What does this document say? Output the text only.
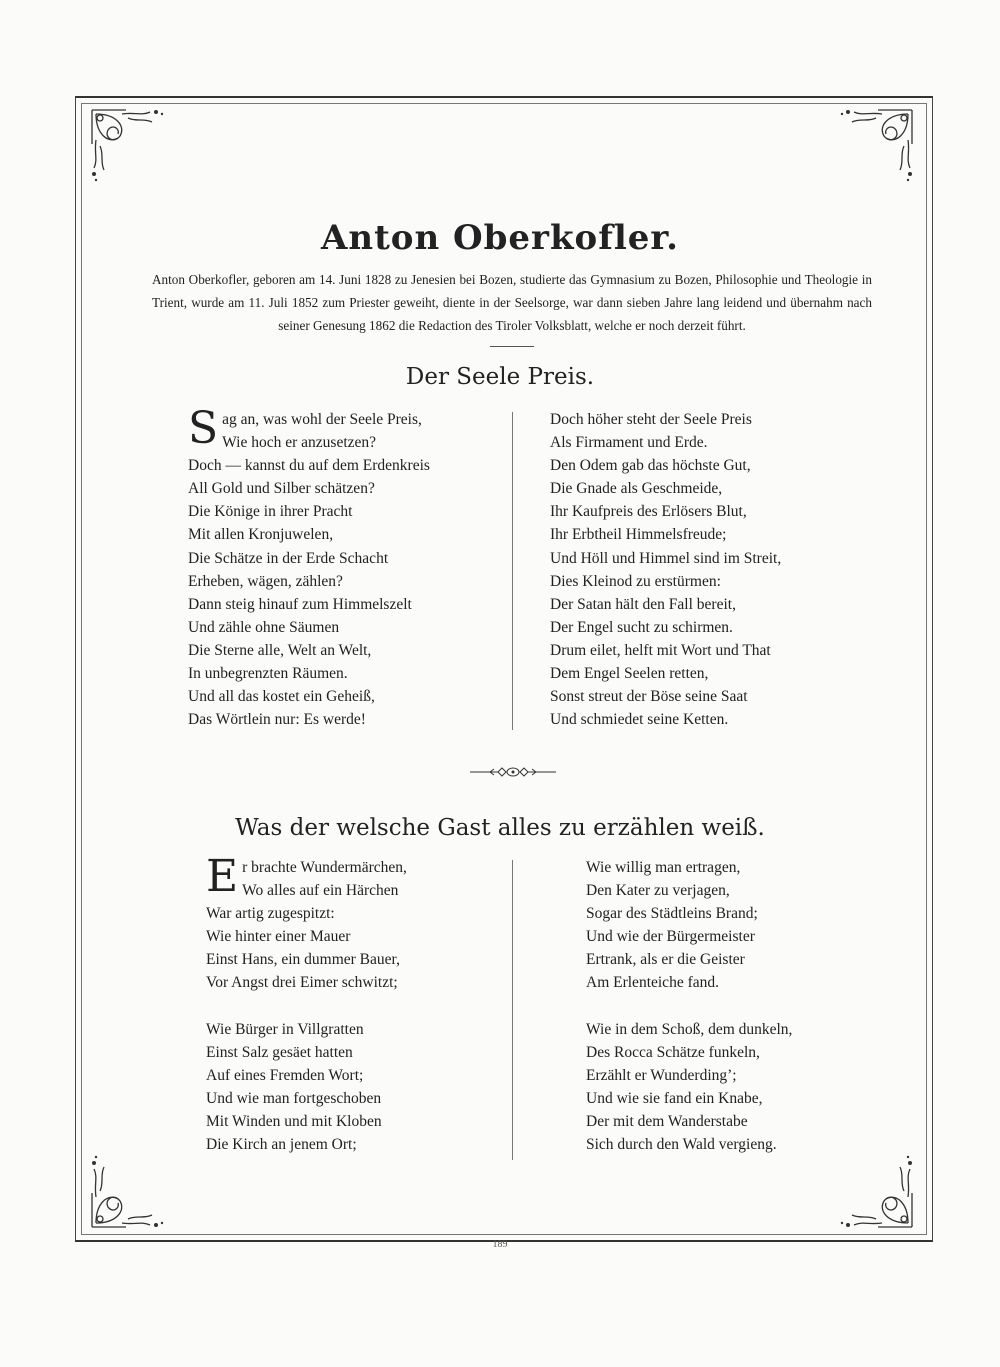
Anton Oberkofler.
Anton Oberkofler, geboren am 14. Juni 1828 zu Jenesien bei Bozen, studierte das Gymnasium zu Bozen, Philosophie und Theologie in Trient, wurde am 11. Juli 1852 zum Priester geweiht, diente in der Seelsorge, war dann sieben Jahre lang leidend und übernahm nach seiner Genesung 1862 die Redaction des Tiroler Volksblatt, welche er noch derzeit führt.
Der Seele Preis.
S ag an, was wohl der Seele Preis,
Wie hoch er anzusetzen?
Doch — kannst du auf dem Erdenkreis
All Gold und Silber schätzen?
Die Könige in ihrer Pracht
Mit allen Kronjuwelen,
Die Schätze in der Erde Schacht
Erheben, wägen, zählen?
Dann steig hinauf zum Himmelszelt
Und zähle ohne Säumen
Die Sterne alle, Welt an Welt,
In unbegrenzten Räumen.
Und all das kostet ein Geheiß,
Das Wörtlein nur: Es werde!
Doch höher steht der Seele Preis
Als Firmament und Erde.
Den Odem gab das höchste Gut,
Die Gnade als Geschmeide,
Ihr Kaufpreis des Erlösers Blut,
Ihr Erbtheil Himmelsfreude;
Und Höll und Himmel sind im Streit,
Dies Kleinod zu erstürmen:
Der Satan hält den Fall bereit,
Der Engel sucht zu schirmen.
Drum eilet, helft mit Wort und That
Dem Engel Seelen retten,
Sonst streut der Böse seine Saat
Und schmiedet seine Ketten.
Was der welsche Gast alles zu erzählen weiß.
E r brachte Wundermärchen,
Wo alles auf ein Härchen
War artig zugespitzt:
Wie hinter einer Mauer
Einst Hans, ein dummer Bauer,
Vor Angst drei Eimer schwitzt;
Wie Bürger in Villgratten
Einst Salz gesäet hatten
Auf eines Fremden Wort;
Und wie man fortgeschoben
Mit Winden und mit Kloben
Die Kirch an jenem Ort;
Wie willig man ertragen,
Den Kater zu verjagen,
Sogar des Städtleins Brand;
Und wie der Bürgermeister
Ertrank, als er die Geister
Am Erlenteiche fand.
Wie in dem Schoß, dem dunkeln,
Des Rocca Schätze funkeln,
Erzählt er Wunderding’;
Und wie sie fand ein Knabe,
Der mit dem Wanderstabe
Sich durch den Wald vergieng.
189
